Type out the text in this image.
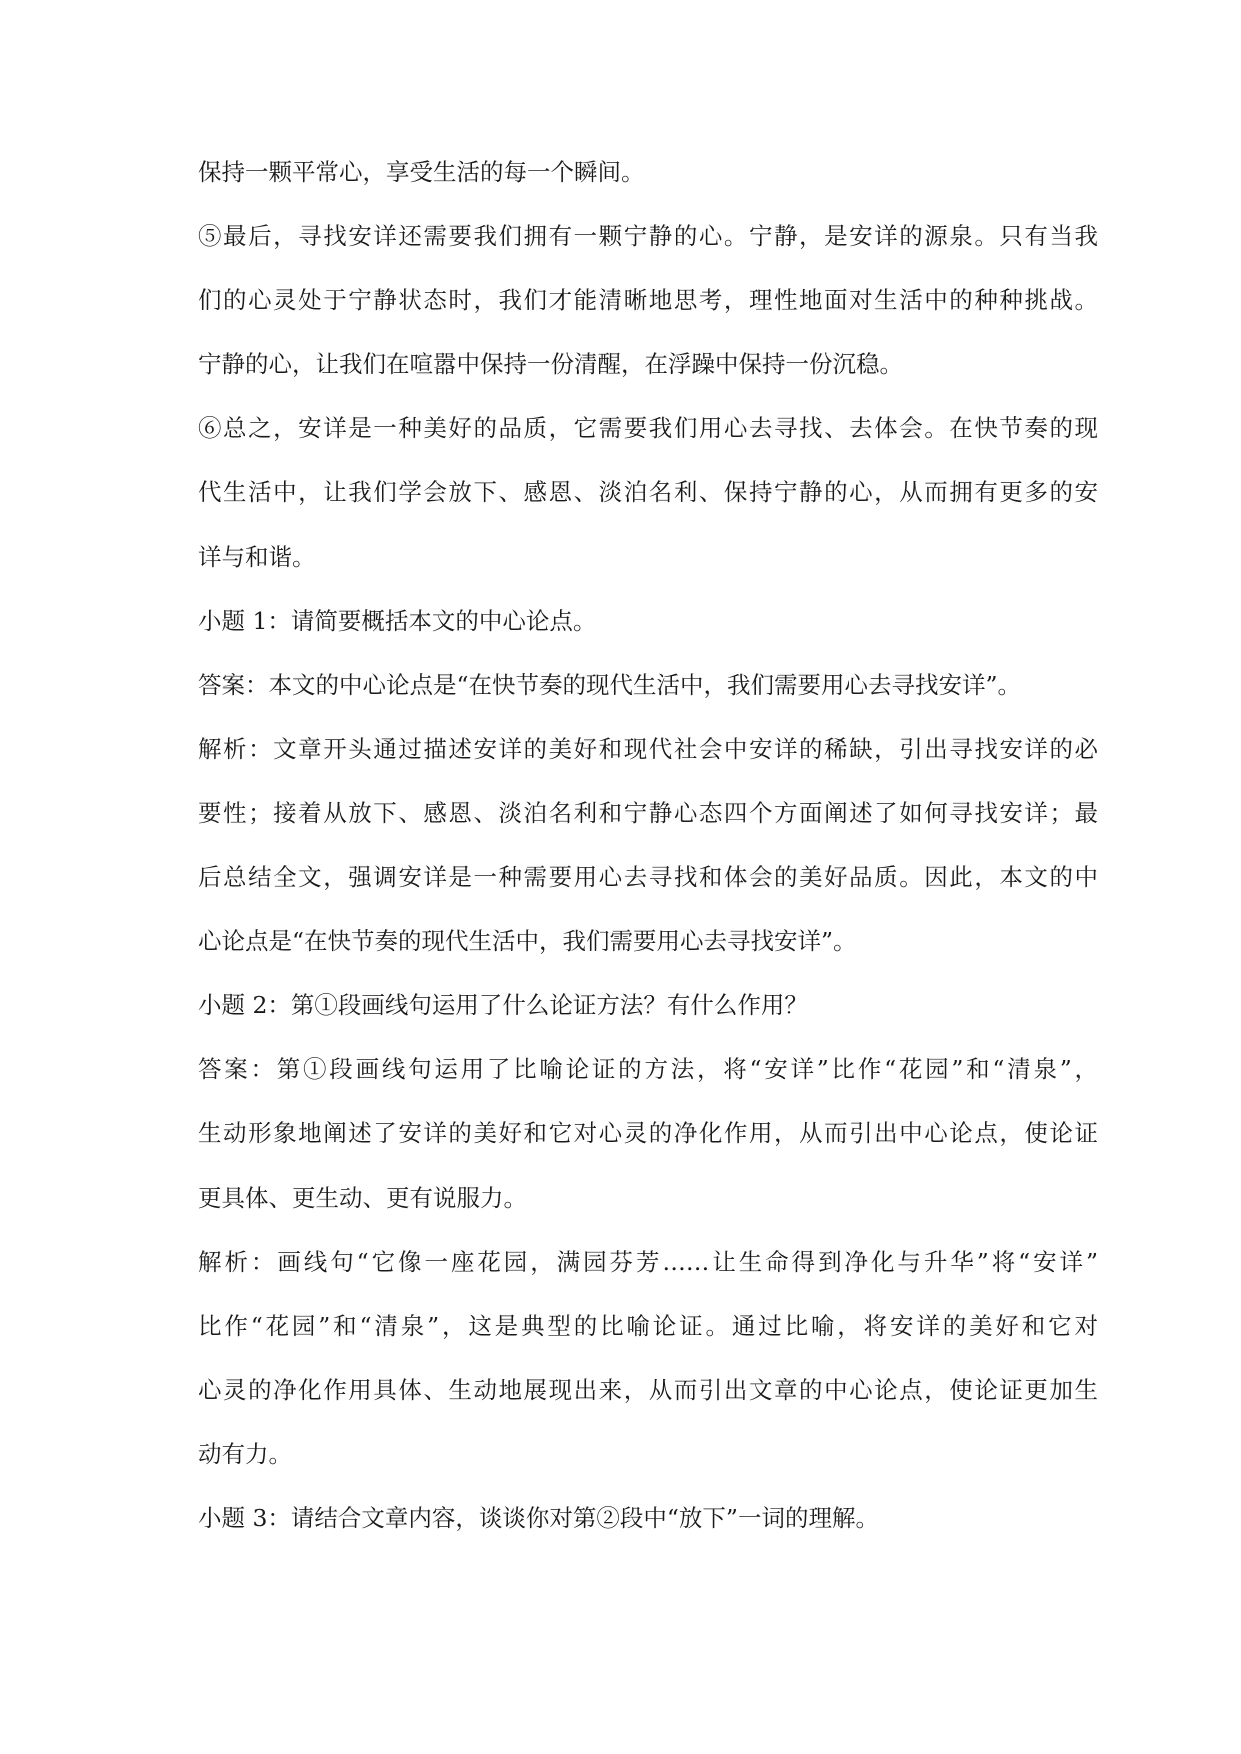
保持一颗平常心，享受生活的每一个瞬间。
⑤最后，寻找安详还需要我们拥有一颗宁静的心。宁静，是安详的源泉。只有当我
们的心灵处于宁静状态时，我们才能清晰地思考，理性地面对生活中的种种挑战。
宁静的心，让我们在喧嚣中保持一份清醒，在浮躁中保持一份沉稳。
⑥总之，安详是一种美好的品质，它需要我们用心去寻找、去体会。在快节奏的现
代生活中，让我们学会放下、感恩、淡泊名利、保持宁静的心，从而拥有更多的安
详与和谐。
小题 1：请简要概括本文的中心论点。
答案：本文的中心论点是“在快节奏的现代生活中，我们需要用心去寻找安详”。
解析：文章开头通过描述安详的美好和现代社会中安详的稀缺，引出寻找安详的必
要性；接着从放下、感恩、淡泊名利和宁静心态四个方面阐述了如何寻找安详；最
后总结全文，强调安详是一种需要用心去寻找和体会的美好品质。因此，本文的中
心论点是“在快节奏的现代生活中，我们需要用心去寻找安详”。
小题 2：第①段画线句运用了什么论证方法？有什么作用？
答案：第①段画线句运用了比喻论证的方法，将“安详”比作“花园”和“清泉”，
生动形象地阐述了安详的美好和它对心灵的净化作用，从而引出中心论点，使论证
更具体、更生动、更有说服力。
解析：画线句“它像一座花园，满园芬芳……让生命得到净化与升华”将“安详”
比作“花园”和“清泉”，这是典型的比喻论证。通过比喻，将安详的美好和它对
心灵的净化作用具体、生动地展现出来，从而引出文章的中心论点，使论证更加生
动有力。
小题 3：请结合文章内容，谈谈你对第②段中“放下”一词的理解。
